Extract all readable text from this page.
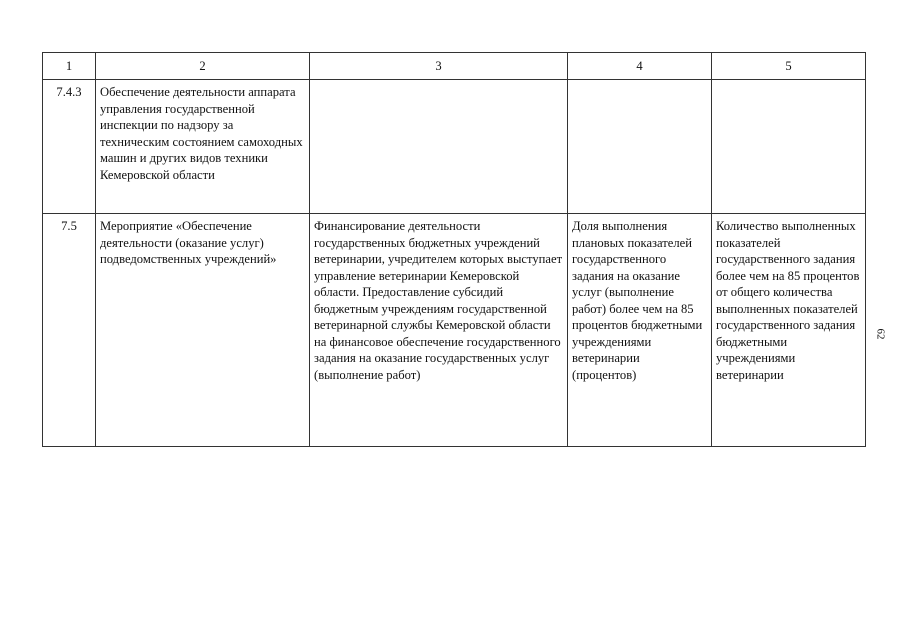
1	2	3	4	5
7.4.3	Обеспечение деятельности аппарата управления государственной инспекции по надзору за техническим состоянием самоходных машин и других видов техники Кемеровской области			
7.5	Мероприятие «Обеспечение деятельности (оказание услуг) подведомственных учреждений»	Финансирование деятельности государственных бюджетных учреждений ветеринарии, учредителем которых выступает управление ветеринарии Кемеровской области. Предоставление субсидий бюджетным учреждениям государственной ветеринарной службы Кемеровской области на финансовое обеспечение государственного задания на оказание государственных услуг (выполнение работ)	Доля выполнения плановых показателей государственного задания на оказание услуг (выполнение работ) более чем на 85 процентов бюджетными учреждениями ветеринарии (процентов)	Количество выполненных показателей государственного задания более чем на 85 процентов от общего количества выполненных показателей государственного задания бюджетными учреждениями ветеринарии
62
